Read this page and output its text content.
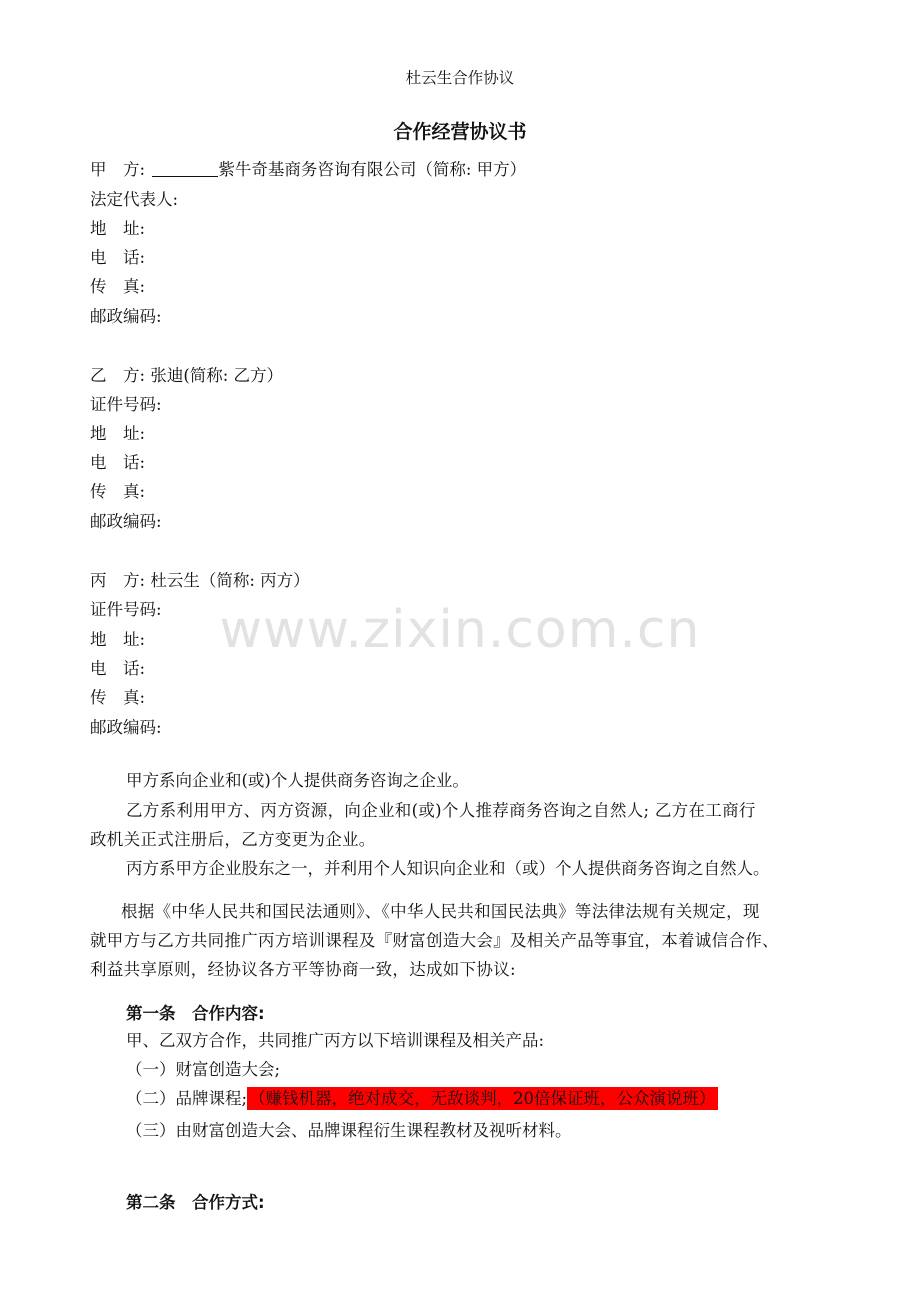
www.zixin.com.cn
杜云生合作协议
合作经营协议书
甲　方:	紫牛奇基商务咨询有限公司（简称: 甲方）
法定代表人:
地　址:
电　话:
传　真:
邮政编码:
乙　方: 张迪(简称: 乙方）
证件号码:
地　址:
电　话:
传　真:
邮政编码:
丙　方: 杜云生（简称: 丙方）
证件号码:
地　址:
电　话:
传　真:
邮政编码:
甲方系向企业和(或)个人提供商务咨询之企业。
乙方系利用甲方、丙方资源，向企业和(或)个人推荐商务咨询之自然人; 乙方在工商行
政机关正式注册后，乙方变更为企业。
丙方系甲方企业股东之一，并利用个人知识向企业和（或）个人提供商务咨询之自然人。
根据《中华人民共和国民法通则》、《中华人民共和国民法典》等法律法规有关规定，现
就甲方与乙方共同推广丙方培训课程及『财富创造大会』及相关产品等事宜，本着诚信合作、
利益共享原则，经协议各方平等协商一致，达成如下协议:
第一条　合作内容:
甲、乙双方合作，共同推广丙方以下培训课程及相关产品:
（一）财富创造大会;
（二）品牌课程; （赚钱机器，绝对成交，无敌谈判，20倍保证班，公众演说班）
（三）由财富创造大会、品牌课程衍生课程教材及视听材料。
第二条　合作方式:
